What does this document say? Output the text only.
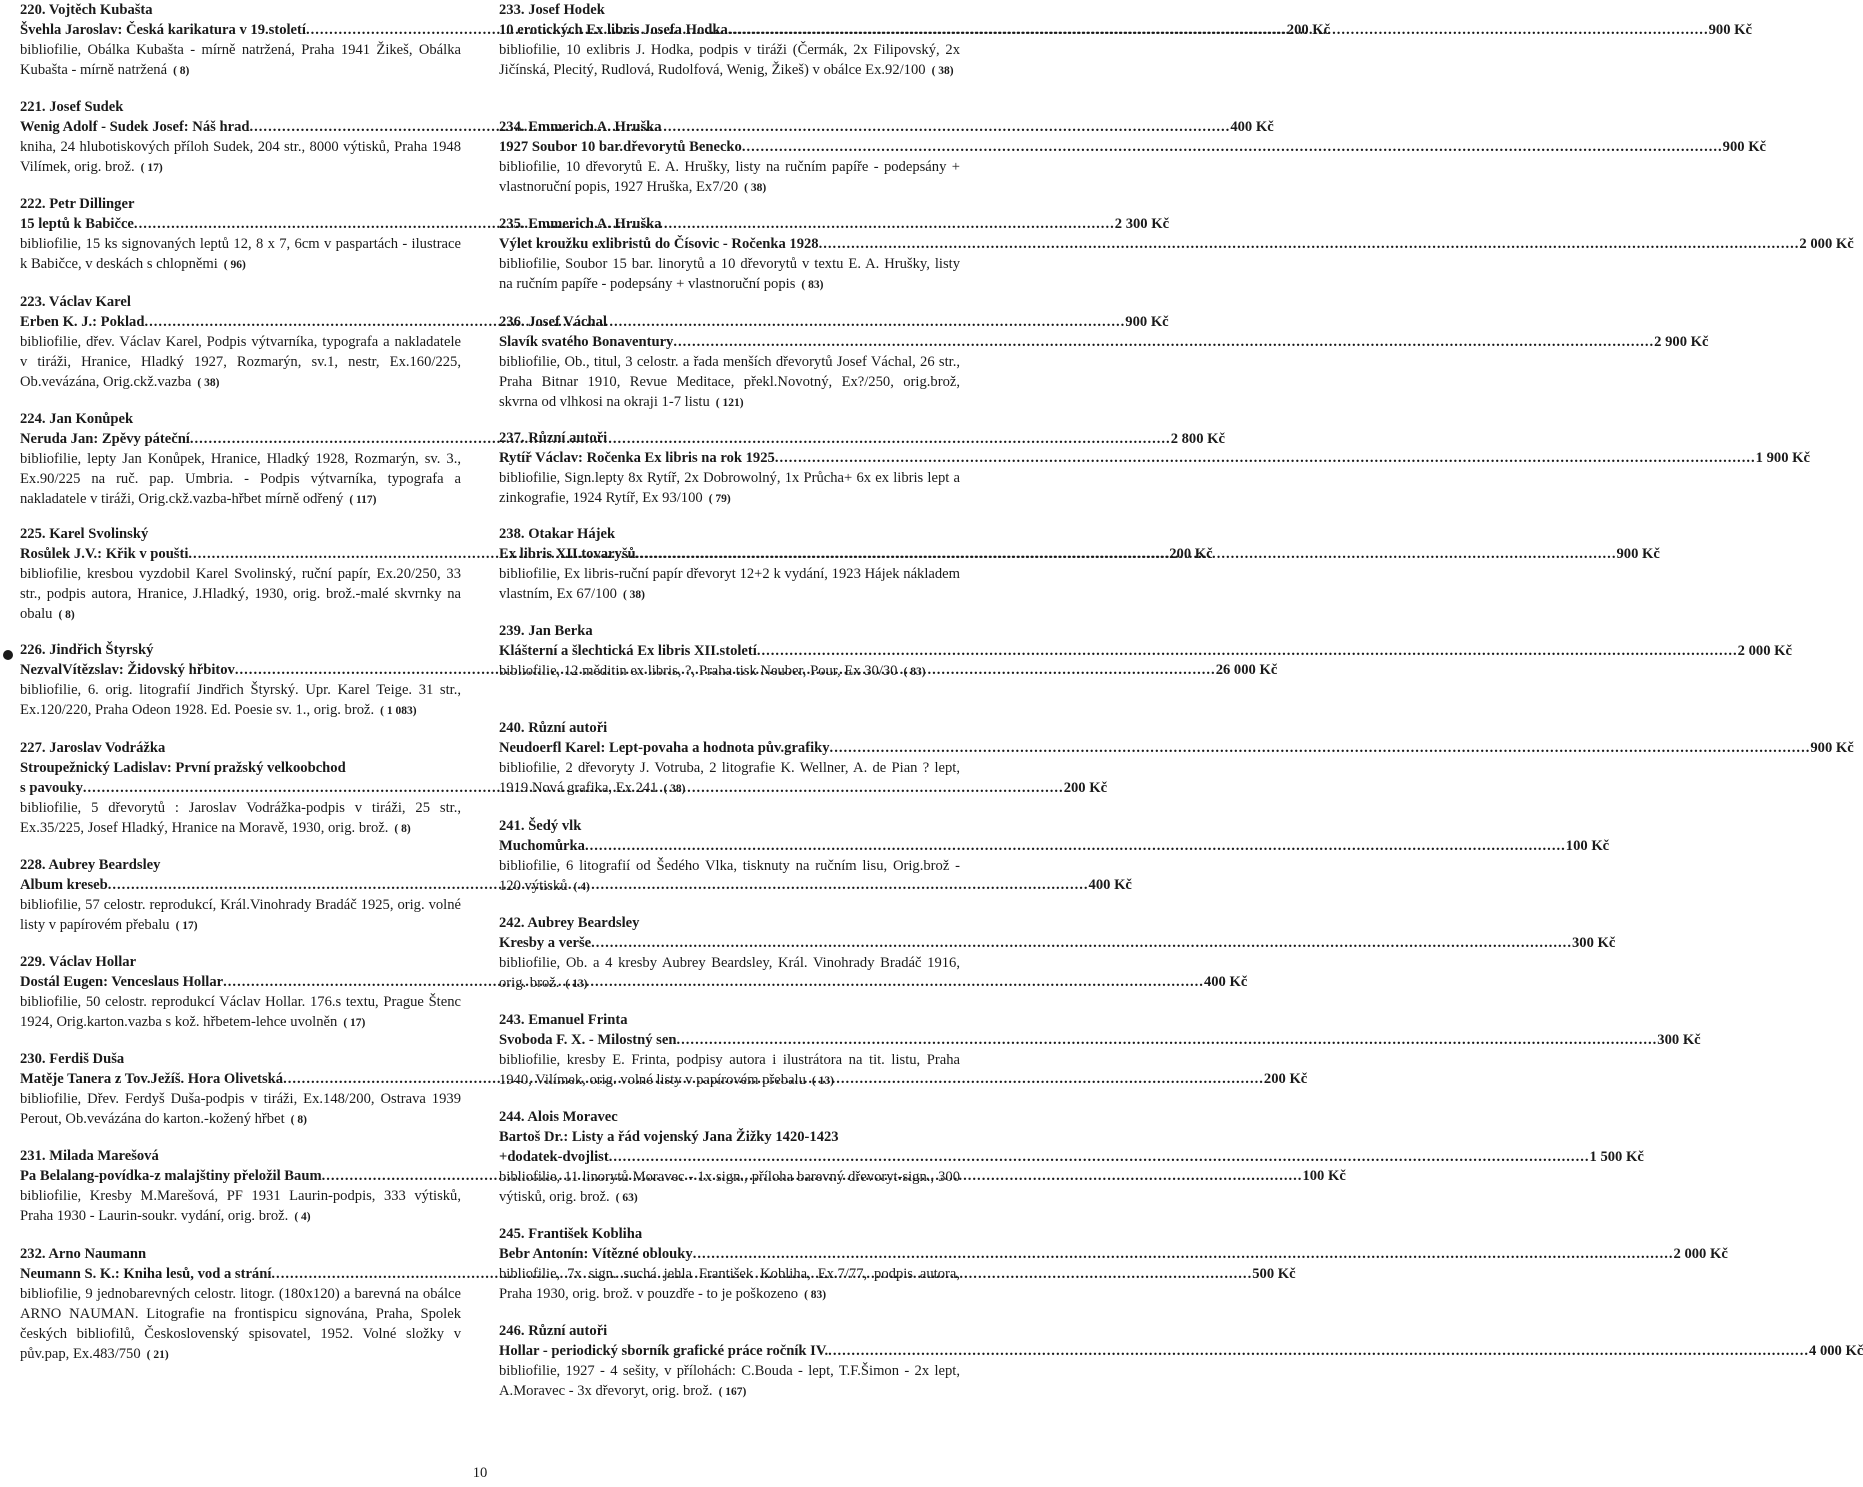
220. Vojtěch Kubašta
Švehla Jaroslav: Česká karikatura v 19.století .....	200 Kč
bibliofilie, Obálka Kubašta - mírně natržená, Praha 1941 Žikeš, Obálka Kubašta - mírně natržená ( 8)
221. Josef Sudek
Wenig Adolf - Sudek Josef: Náš hrad .....	400 Kč
kniha, 24 hlubotiskových příloh Sudek, 204 str., 8000 výtisků, Praha 1948 Vilímek, orig. brož. ( 17)
222. Petr Dillinger
15 leptů k Babičce .....	2 300 Kč
bibliofilie, 15 ks signovaných leptů 12, 8 x 7, 6cm v paspartách - ilustrace k Babičce, v deskách s chlopněmi ( 96)
223. Václav Karel
Erben K. J.: Poklad .....	900 Kč
bibliofilie, dřev. Václav Karel, Podpis výtvarníka, typografa a nakladatele v tiráži, Hranice, Hladký 1927, Rozmarýn, sv.1, nestr, Ex.160/225, Ob.vevázána, Orig.ckž.vazba ( 38)
224. Jan Konůpek
Neruda Jan: Zpěvy páteční .....	2 800 Kč
bibliofilie, lepty Jan Konůpek, Hranice, Hladký 1928, Rozmarýn, sv. 3., Ex.90/225 na ruč. pap. Umbria. - Podpis výtvarníka, typografa a nakladatele v tiráži, Orig.ckž.vazba-hřbet mírně odřený ( 117)
225. Karel Svolinský
Rosůlek J.V.: Křik v poušti .....	200 Kč
bibliofilie, kresbou vyzdobil Karel Svolinský, ruční papír, Ex.20/250, 33 str., podpis autora, Hranice, J.Hladký, 1930, orig. brož.-malé skvrnky na obalu ( 8)
226. Jindřich Štyrský
NezvalVítězslav: Židovský hřbitov .....	26 000 Kč
bibliofilie, 6. orig. litografií Jindřich Štyrský. Upr. Karel Teige. 31 str., Ex.120/220, Praha Odeon 1928. Ed. Poesie sv. 1., orig. brož. ( 1 083)
227. Jaroslav Vodrážka
Stroupežnický Ladislav: První pražský velkoobchod
s pavouky .....	200 Kč
bibliofilie, 5 dřevorytů : Jaroslav Vodrážka-podpis v tiráži, 25 str., Ex.35/225, Josef Hladký, Hranice na Moravě, 1930, orig. brož. ( 8)
228. Aubrey Beardsley
Album kreseb .....	400 Kč
bibliofilie, 57 celostr. reprodukcí, Král.Vinohrady Bradáč 1925, orig. volné listy v papírovém přebalu ( 17)
229. Václav Hollar
Dostál Eugen: Venceslaus Hollar .....	400 Kč
bibliofilie, 50 celostr. reprodukcí Václav Hollar. 176.s textu, Prague Štenc 1924, Orig.karton.vazba s kož. hřbetem-lehce uvolněn ( 17)
230. Ferdiš Duša
Matěje Tanera z Tov.Ježíš. Hora Olivetská .....	200 Kč
bibliofilie, Dřev. Ferdyš Duša-podpis v tiráži, Ex.148/200, Ostrava 1939 Perout, Ob.vevázána do karton.-kožený hřbet ( 8)
231. Milada Marešová
Pa Belalang-povídka-z malajštiny přeložil Baum .....	100 Kč
bibliofilie, Kresby M.Marešová, PF 1931 Laurin-podpis, 333 výtisků, Praha 1930 - Laurin-soukr. vydání, orig. brož. ( 4)
232. Arno Naumann
Neumann S. K.: Kniha lesů, vod a strání .....	500 Kč
bibliofilie, 9 jednobarevných celostr. litogr. (180x120) a barevná na obálce ARNO NAUMAN. Litografie na frontispicu signována, Praha, Spolek českých bibliofilů, Československý spisovatel, 1952. Volné složky v pův.pap, Ex.483/750 ( 21)
233. Josef Hodek
10 erotických Ex libris Josefa Hodka .....	900 Kč
bibliofilie, 10 exlibris J. Hodka, podpis v tiráži (Čermák, 2x Filipovský, 2x Jičínská, Plecitý, Rudlová, Rudolfová, Wenig, Žikeš) v obálce Ex.92/100 ( 38)
234. Emmerich A. Hruška
1927 Soubor 10 bar.dřevorytů Benecko .....	900 Kč
bibliofilie, 10 dřevorytů E. A. Hrušky, listy na ručním papíře - podepsány + vlastnoruční popis, 1927 Hruška, Ex7/20 ( 38)
235. Emmerich A. Hruška
Výlet kroužku exlibristů do Čísovic - Ročenka 1928 .....	2 000 Kč
bibliofilie, Soubor 15 bar. linorytů a 10 dřevorytů v textu E. A. Hrušky, listy na ručním papíře - podepsány + vlastnoruční popis ( 83)
236. Josef Váchal
Slavík svatého Bonaventury .....	2 900 Kč
bibliofilie, Ob., titul, 3 celostr. a řada menších dřevorytů Josef Váchal, 26 str., Praha Bitnar 1910, Revue Meditace, překl.Novotný, Ex?/250, orig.brož, skvrna od vlhkosi na okraji 1-7 listu ( 121)
237. Různí autoři
Rytíř Václav: Ročenka Ex libris na rok 1925 .....	1 900 Kč
bibliofilie, Sign.lepty 8x Rytíř, 2x Dobrowolný, 1x Průcha+ 6x ex libris lept a zinkografie, 1924 Rytíř, Ex 93/100 ( 79)
238. Otakar Hájek
Ex libris XII.tovaryšů .....	900 Kč
bibliofilie, Ex libris-ruční papír dřevoryt 12+2 k vydání, 1923 Hájek nákladem vlastním, Ex 67/100 ( 38)
239. Jan Berka
Klášterní a šlechtická Ex libris XII.století .....	2 000 Kč
bibliofilie, 12 měditin ex libris, ?, Praha tisk Neuber, Pour, Ex 30/30 ( 83)
240. Různí autoři
Neudoerfl Karel: Lept-povaha a hodnota pův.grafiky .....	900 Kč
bibliofilie, 2 dřevoryty J. Votruba, 2 litografie K. Wellner, A. de Pian ? lept, 1919 Nová grafika, Ex 241 ( 38)
241. Šedý vlk
Muchomůrka .....	100 Kč
bibliofilie, 6 litografií od Šedého Vlka, tisknuty na ručním lisu, Orig.brož - 120 výtisků ( 4)
242. Aubrey Beardsley
Kresby a verše .....	300 Kč
bibliofilie, Ob. a 4 kresby Aubrey Beardsley, Král. Vinohrady Bradáč 1916, orig. brož. ( 13)
243. Emanuel Frinta
Svoboda F. X. - Milostný sen .....	300 Kč
bibliofilie, kresby E. Frinta, podpisy autora i ilustrátora na tit. listu, Praha 1940, Vilímek, orig. volné listy v papírovém přebalu ( 13)
244. Alois Moravec
Bartoš Dr.: Listy a řád vojenský Jana Žižky 1420-1423
+dodatek-dvojlist .....	1 500 Kč
bibliofilie, 11 linorytů Moravec - 1x sign., příloha barevný dřevoryt-sign., 300 výtisků, orig. brož. ( 63)
245. František Kobliha
Bebr Antonín: Vítězné oblouky .....	2 000 Kč
bibliofilie, 7x sign. suchá jehla František Kobliha, Ex.7/77, podpis autora, Praha 1930, orig. brož. v pouzdře - to je poškozeno ( 83)
246. Různí autoři
Hollar - periodický sborník grafické práce ročník IV. .....	4 000 Kč
bibliofilie, 1927 - 4 sešity, v přílohách: C.Bouda - lept, T.F.Šimon - 2x lept, A.Moravec - 3x dřevoryt, orig. brož. ( 167)
10
